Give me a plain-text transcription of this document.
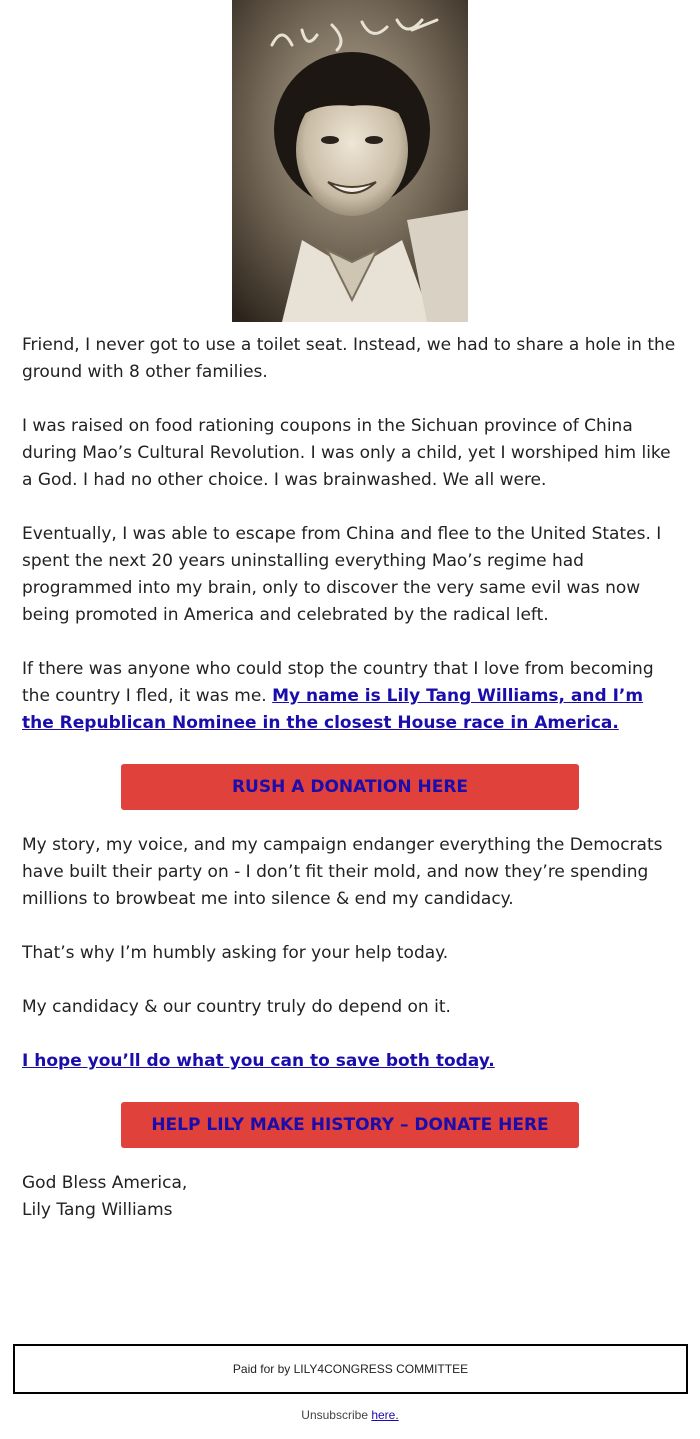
Friend, I never got to use a toilet seat. Instead, we had to share a hole in the ground with 8 other families.

I was raised on food rationing coupons in the Sichuan province of China during Mao’s Cultural Revolution. I was only a child, yet I worshiped him like a God. I had no other choice. I was brainwashed. We all were.

Eventually, I was able to escape from China and flee to the United States. I spent the next 20 years uninstalling everything Mao’s regime had programmed into my brain, only to discover the very same evil was now being promoted in America and celebrated by the radical left.

If there was anyone who could stop the country that I love from becoming the country I fled, it was me. My name is Lily Tang Williams, and I’m the Republican Nominee in the closest House race in America.

RUSH A DONATION HERE

My story, my voice, and my campaign endanger everything the Democrats have built their party on - I don’t fit their mold, and now they’re spending millions to browbeat me into silence & end my candidacy.

That’s why I’m humbly asking for your help today.

My candidacy & our country truly do depend on it.

I hope you’ll do what you can to save both today.

HELP LILY MAKE HISTORY – DONATE HERE

God Bless America,
Lily Tang Williams

Paid for by LILY4CONGRESS COMMITTEE
Unsubscribe here.
